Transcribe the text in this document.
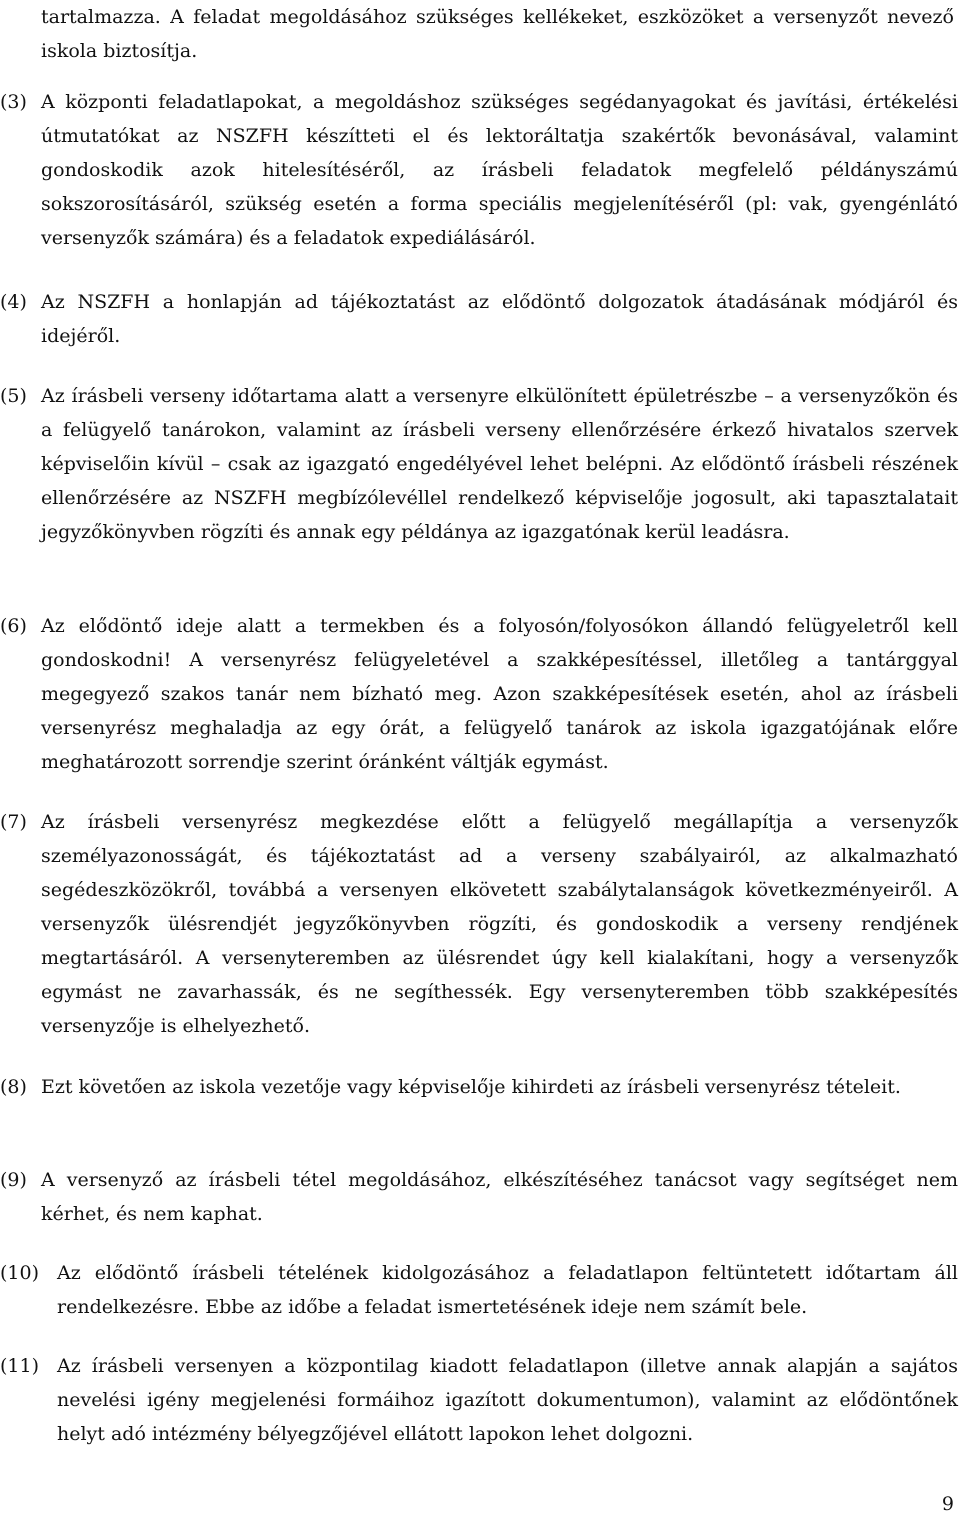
tartalmazza. A feladat megoldásához szükséges kellékeket, eszközöket a versenyzőt nevező iskola biztosítja.

(3) A központi feladatlapokat, a megoldáshoz szükséges segédanyagokat és javítási, értékelési útmutatókat az NSZFH készítteti el és lektoráltatja szakértők bevonásával, valamint gondoskodik azok hitelesítéséről, az írásbeli feladatok megfelelő példányszámú sokszorosításáról, szükség esetén a forma speciális megjelenítéséről (pl: vak, gyengénlátó versenyzők számára) és a feladatok expediálásáról.

(4) Az NSZFH a honlapján ad tájékoztatást az elődöntő dolgozatok átadásának módjáról és idejéről.

(5) Az írásbeli verseny időtartama alatt a versenyre elkülönített épületrészbe – a versenyzőkön és a felügyelő tanárokon, valamint az írásbeli verseny ellenőrzésére érkező hivatalos szervek képviselőin kívül – csak az igazgató engedélyével lehet belépni. Az elődöntő írásbeli részének ellenőrzésére az NSZFH megbízólevéllel rendelkező képviselője jogosult, aki tapasztalatait jegyzőkönyvben rögzíti és annak egy példánya az igazgatónak kerül leadásra.

(6) Az elődöntő ideje alatt a termekben és a folyosón/folyosókon állandó felügyeletről kell gondoskodni! A versenyrész felügyeletével a szakképesítéssel, illetőleg a tantárggyal megegyező szakos tanár nem bízható meg. Azon szakképesítések esetén, ahol az írásbeli versenyrész meghaladja az egy órát, a felügyelő tanárok az iskola igazgatójának előre meghatározott sorrendje szerint óránként váltják egymást.

(7) Az írásbeli versenyrész megkezdése előtt a felügyelő megállapítja a versenyzők személyazonosságát, és tájékoztatást ad a verseny szabályairól, az alkalmazható segédeszközökről, továbbá a versenyen elkövetett szabálytalanságok következményeiről. A versenyzők ülésrendjét jegyzőkönyvben rögzíti, és gondoskodik a verseny rendjének megtartásáról. A versenyteremben az ülésrendet úgy kell kialakítani, hogy a versenyzők egymást ne zavarhassák, és ne segíthessék. Egy versenyteremben több szakképesítés versenyzője is elhelyezhető.

(8) Ezt követően az iskola vezetője vagy képviselője kihirdeti az írásbeli versenyrész tételeit.

(9) A versenyző az írásbeli tétel megoldásához, elkészítéséhez tanácsot vagy segítséget nem kérhet, és nem kaphat.

(10) Az elődöntő írásbeli tételének kidolgozásához a feladatlapon feltüntetett időtartam áll rendelkezésre. Ebbe az időbe a feladat ismertetésének ideje nem számít bele.

(11) Az írásbeli versenyen a központilag kiadott feladatlapon (illetve annak alapján a sajátos nevelési igény megjelenési formáihoz igazított dokumentumon), valamint az elődöntőnek helyt adó intézmény bélyegzőjével ellátott lapokon lehet dolgozni.

9
